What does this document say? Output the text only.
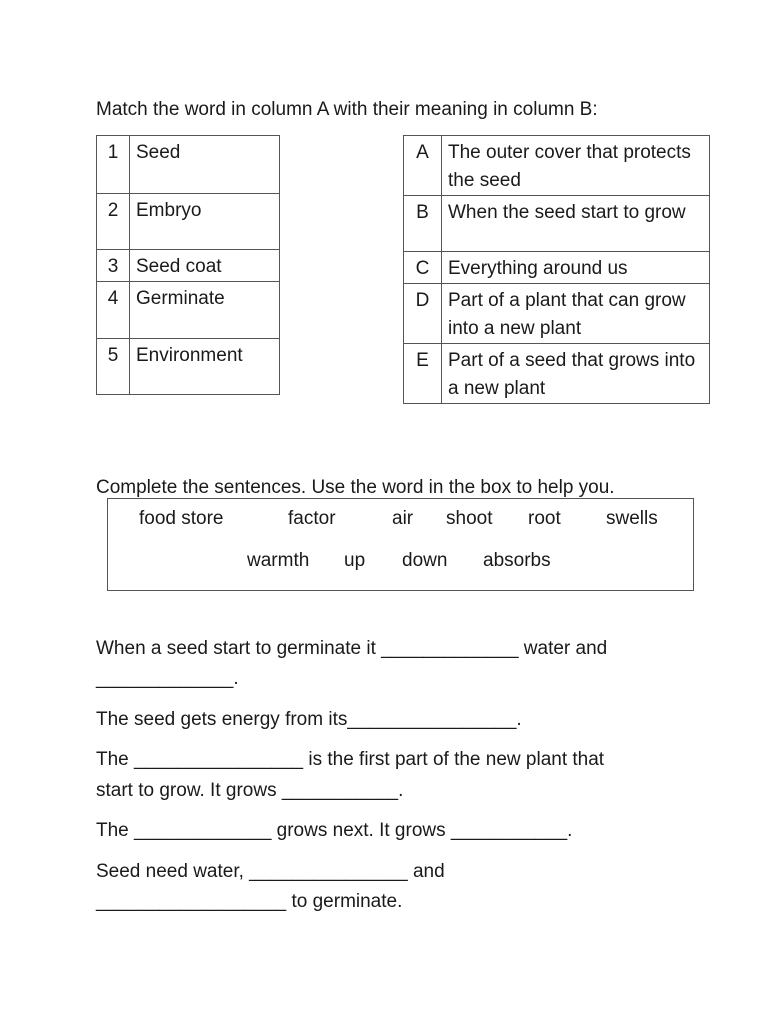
Match the word in column A with their meaning in column B:
1	Seed
2	Embryo
3	Seed coat
4	Germinate
5	Environment
A	The outer cover that protects the seed
B	When the seed start to grow
C	Everything around us
D	Part of a plant that can grow into a new plant
E	Part of a seed that grows into a new plant
Complete the sentences. Use the word in the box to help you.
food store	factor	air shoot root swells
warmth up down absorbs
When a seed start to germinate it _____________ water and
_____________.
The seed gets energy from its________________.
The ________________ is the first part of the new plant that
start to grow. It grows ___________.
The _____________ grows next. It grows ___________.
Seed need water, _______________ and
__________________ to germinate.
